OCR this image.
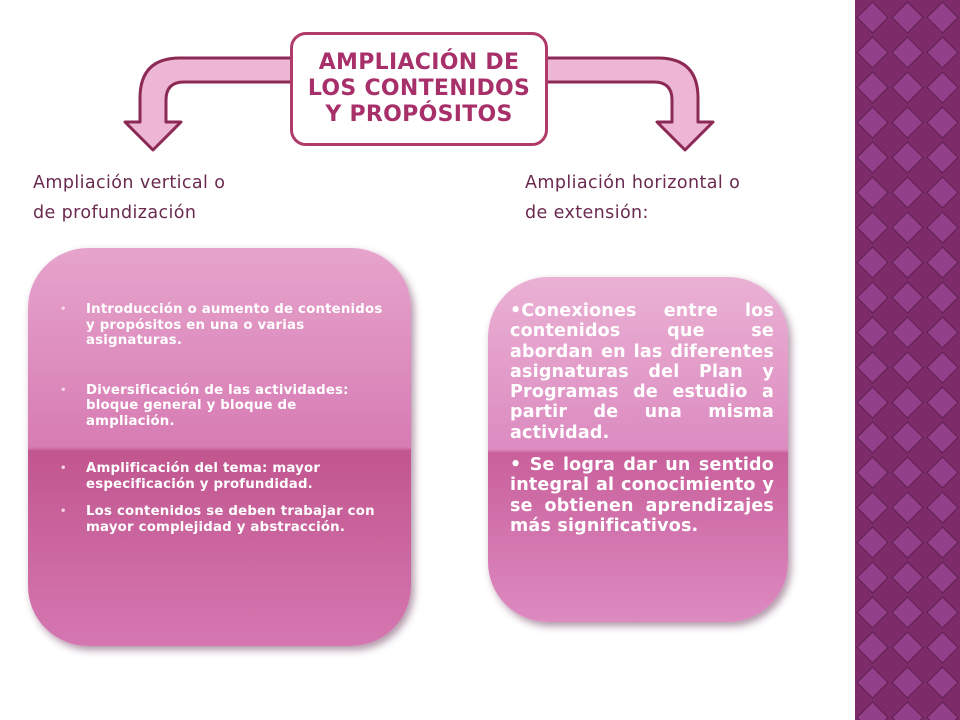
AMPLIACIÓN DE
LOS CONTENIDOS
Y PROPÓSITOS
Ampliación vertical o
de profundización
Ampliación horizontal o
de extensión:
• Introducción o aumento de contenidos y propósitos en una o varias asignaturas.
• Diversificación de las actividades: bloque general y bloque de ampliación.
• Amplificación del tema: mayor especificación y profundidad.
• Los contenidos se deben trabajar con mayor complejidad y abstracción.

•Conexiones entre los contenidos que se abordan en las diferentes asignaturas del Plan y Programas de estudio a partir de una misma actividad.

• Se logra dar un sentido integral al conocimiento y se obtienen aprendizajes más significativos.
